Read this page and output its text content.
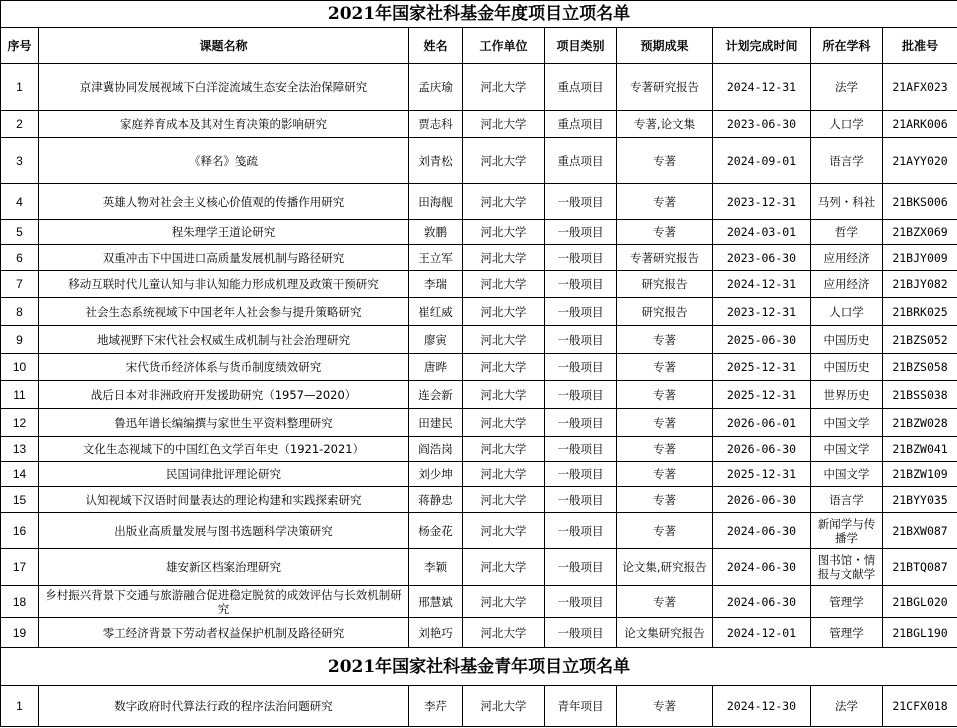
2021年国家社科基金年度项目立项名单								
序号	课题名称	姓名	工作单位	项目类别	预期成果	计划完成时间	所在学科	批准号
1	京津冀协同发展视域下白洋淀流域生态安全法治保障研究	孟庆瑜	河北大学	重点项目	专著研究报告	2024-12-31	法学	21AFX023
2	家庭养育成本及其对生育决策的影响研究	贾志科	河北大学	重点项目	专著,论文集	2023-06-30	人口学	21ARK006
3	《释名》笺疏	刘青松	河北大学	重点项目	专著	2024-09-01	语言学	21AYY020
4	英雄人物对社会主义核心价值观的传播作用研究	田海舰	河北大学	一般项目	专著	2023-12-31	马列・科社	21BKS006
5	程朱理学王道论研究	敦鹏	河北大学	一般项目	专著	2024-03-01	哲学	21BZX069
6	双重冲击下中国进口高质量发展机制与路径研究	王立军	河北大学	一般项目	专著研究报告	2023-06-30	应用经济	21BJY009
7	移动互联时代儿童认知与非认知能力形成机理及政策干预研究	李瑞	河北大学	一般项目	研究报告	2024-12-31	应用经济	21BJY082
8	社会生态系统视域下中国老年人社会参与提升策略研究	崔红威	河北大学	一般项目	研究报告	2023-12-31	人口学	21BRK025
9	地域视野下宋代社会权威生成机制与社会治理研究	廖寅	河北大学	一般项目	专著	2025-06-30	中国历史	21BZS052
10	宋代货币经济体系与货币制度绩效研究	唐晔	河北大学	一般项目	专著	2025-12-31	中国历史	21BZS058
11	战后日本对非洲政府开发援助研究（1957—2020）	连会新	河北大学	一般项目	专著	2025-12-31	世界历史	21BSS038
12	鲁迅年谱长编编撰与家世生平资料整理研究	田建民	河北大学	一般项目	专著	2026-06-01	中国文学	21BZW028
13	文化生态视域下的中国红色文学百年史（1921-2021）	阎浩岗	河北大学	一般项目	专著	2026-06-30	中国文学	21BZW041
14	民国词律批评理论研究	刘少坤	河北大学	一般项目	专著	2025-12-31	中国文学	21BZW109
15	认知视域下汉语时间量表达的理论构建和实践探索研究	蒋静忠	河北大学	一般项目	专著	2026-06-30	语言学	21BYY035
16	出版业高质量发展与图书选题科学决策研究	杨金花	河北大学	一般项目	专著	2024-06-30	新闻学与传播学	21BXW087
17	雄安新区档案治理研究	李颖	河北大学	一般项目	论文集,研究报告	2024-06-30	图书馆・情报与文献学	21BTQ087
18	乡村振兴背景下交通与旅游融合促进稳定脱贫的成效评估与长效机制研究	邢慧斌	河北大学	一般项目	专著	2024-06-30	管理学	21BGL020
19	零工经济背景下劳动者权益保护机制及路径研究	刘艳巧	河北大学	一般项目	论文集研究报告	2024-12-01	管理学	21BGL190
2021年国家社科基金青年项目立项名单								
1	数字政府时代算法行政的程序法治问题研究	李芹	河北大学	青年项目	专著	2024-12-30	法学	21CFX018
